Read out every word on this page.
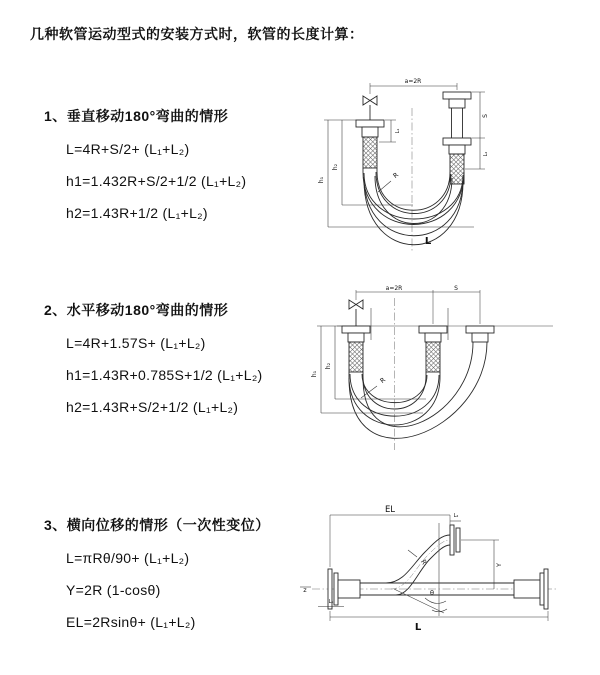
几种软管运动型式的安装方式时，软管的长度计算：
1、垂直移动180°弯曲的情形
L=4R+S/2+ (L₁+L₂)
h1=1.432R+S/2+1/2 (L₁+L₂)
h2=1.43R+1/2 (L₁+L₂)
2、水平移动180°弯曲的情形
L=4R+1.57S+ (L₁+L₂)
h1=1.43R+0.785S+1/2 (L₁+L₂)
h2=1.43R+S/2+1/2 (L₁+L₂)
3、横向位移的情形（一次性变位）
L=πRθ/90+ (L₁+L₂)
Y=2R (1-cosθ)
EL=2Rsinθ+ (L₁+L₂)
a=2R
L₁
S
L₂
h₂
h₁
R
L
a=2R	S
h₂
h₁
R
EL
L₂
Y
θ
R
L
L₁
z
